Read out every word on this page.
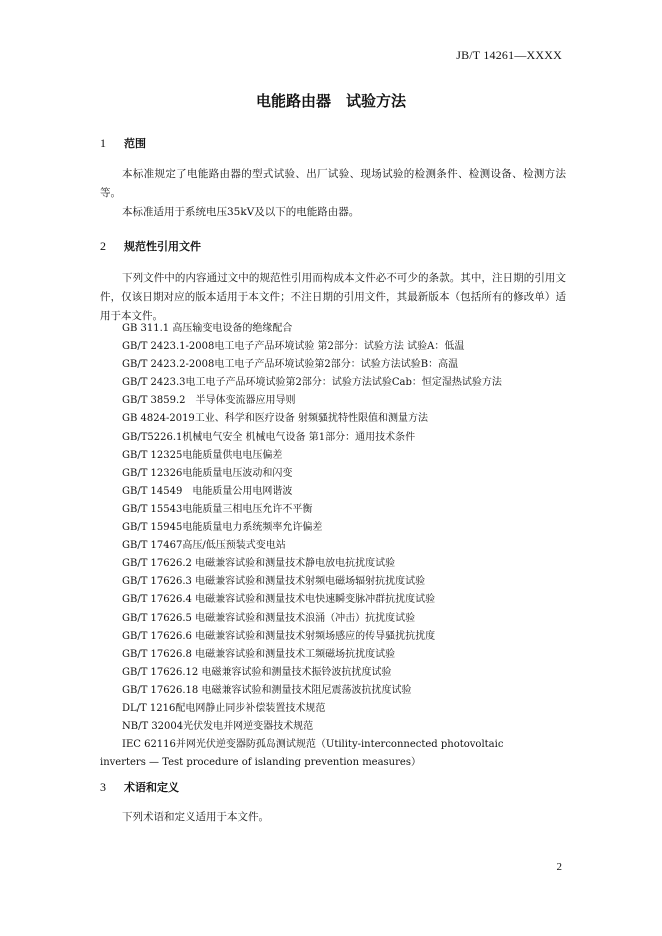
JB/T 14261—XXXX
电能路由器　试验方法
1 范围
本标准规定了电能路由器的型式试验、出厂试验、现场试验的检测条件、检测设备、检测方法等。
本标准适用于系统电压35kV及以下的电能路由器。
2 规范性引用文件
下列文件中的内容通过文中的规范性引用而构成本文件必不可少的条款。其中，注日期的引用文件，仅该日期对应的版本适用于本文件；不注日期的引用文件，其最新版本（包括所有的修改单）适用于本文件。
GB 311.1 高压输变电设备的绝缘配合
GB/T 2423.1-2008电工电子产品环境试验 第2部分：试验方法 试验A：低温
GB/T 2423.2-2008电工电子产品环境试验第2部分：试验方法试验B：高温
GB/T 2423.3电工电子产品环境试验第2部分：试验方法试验Cab：恒定湿热试验方法
GB/T 3859.2　半导体变流器应用导则
GB 4824-2019工业、科学和医疗设备 射频骚扰特性限值和测量方法
GB/T5226.1机械电气安全 机械电气设备 第1部分：通用技术条件
GB/T 12325电能质量供电电压偏差
GB/T 12326电能质量电压波动和闪变
GB/T 14549　电能质量公用电网谐波
GB/T 15543电能质量三相电压允许不平衡
GB/T 15945电能质量电力系统频率允许偏差
GB/T 17467高压/低压预装式变电站
GB/T 17626.2 电磁兼容试验和测量技术静电放电抗扰度试验
GB/T 17626.3 电磁兼容试验和测量技术射频电磁场辐射抗扰度试验
GB/T 17626.4 电磁兼容试验和测量技术电快速瞬变脉冲群抗扰度试验
GB/T 17626.5 电磁兼容试验和测量技术浪涌（冲击）抗扰度试验
GB/T 17626.6 电磁兼容试验和测量技术射频场感应的传导骚扰抗扰度
GB/T 17626.8 电磁兼容试验和测量技术工频磁场抗扰度试验
GB/T 17626.12 电磁兼容试验和测量技术振铃波抗扰度试验
GB/T 17626.18 电磁兼容试验和测量技术阻尼震荡波抗扰度试验
DL/T 1216配电网静止同步补偿装置技术规范
NB/T 32004光伏发电并网逆变器技术规范
IEC 62116并网光伏逆变器防孤岛测试规范（Utility-interconnected photovoltaic
inverters — Test procedure of islanding prevention measures）
3 术语和定义
下列术语和定义适用于本文件。
2
